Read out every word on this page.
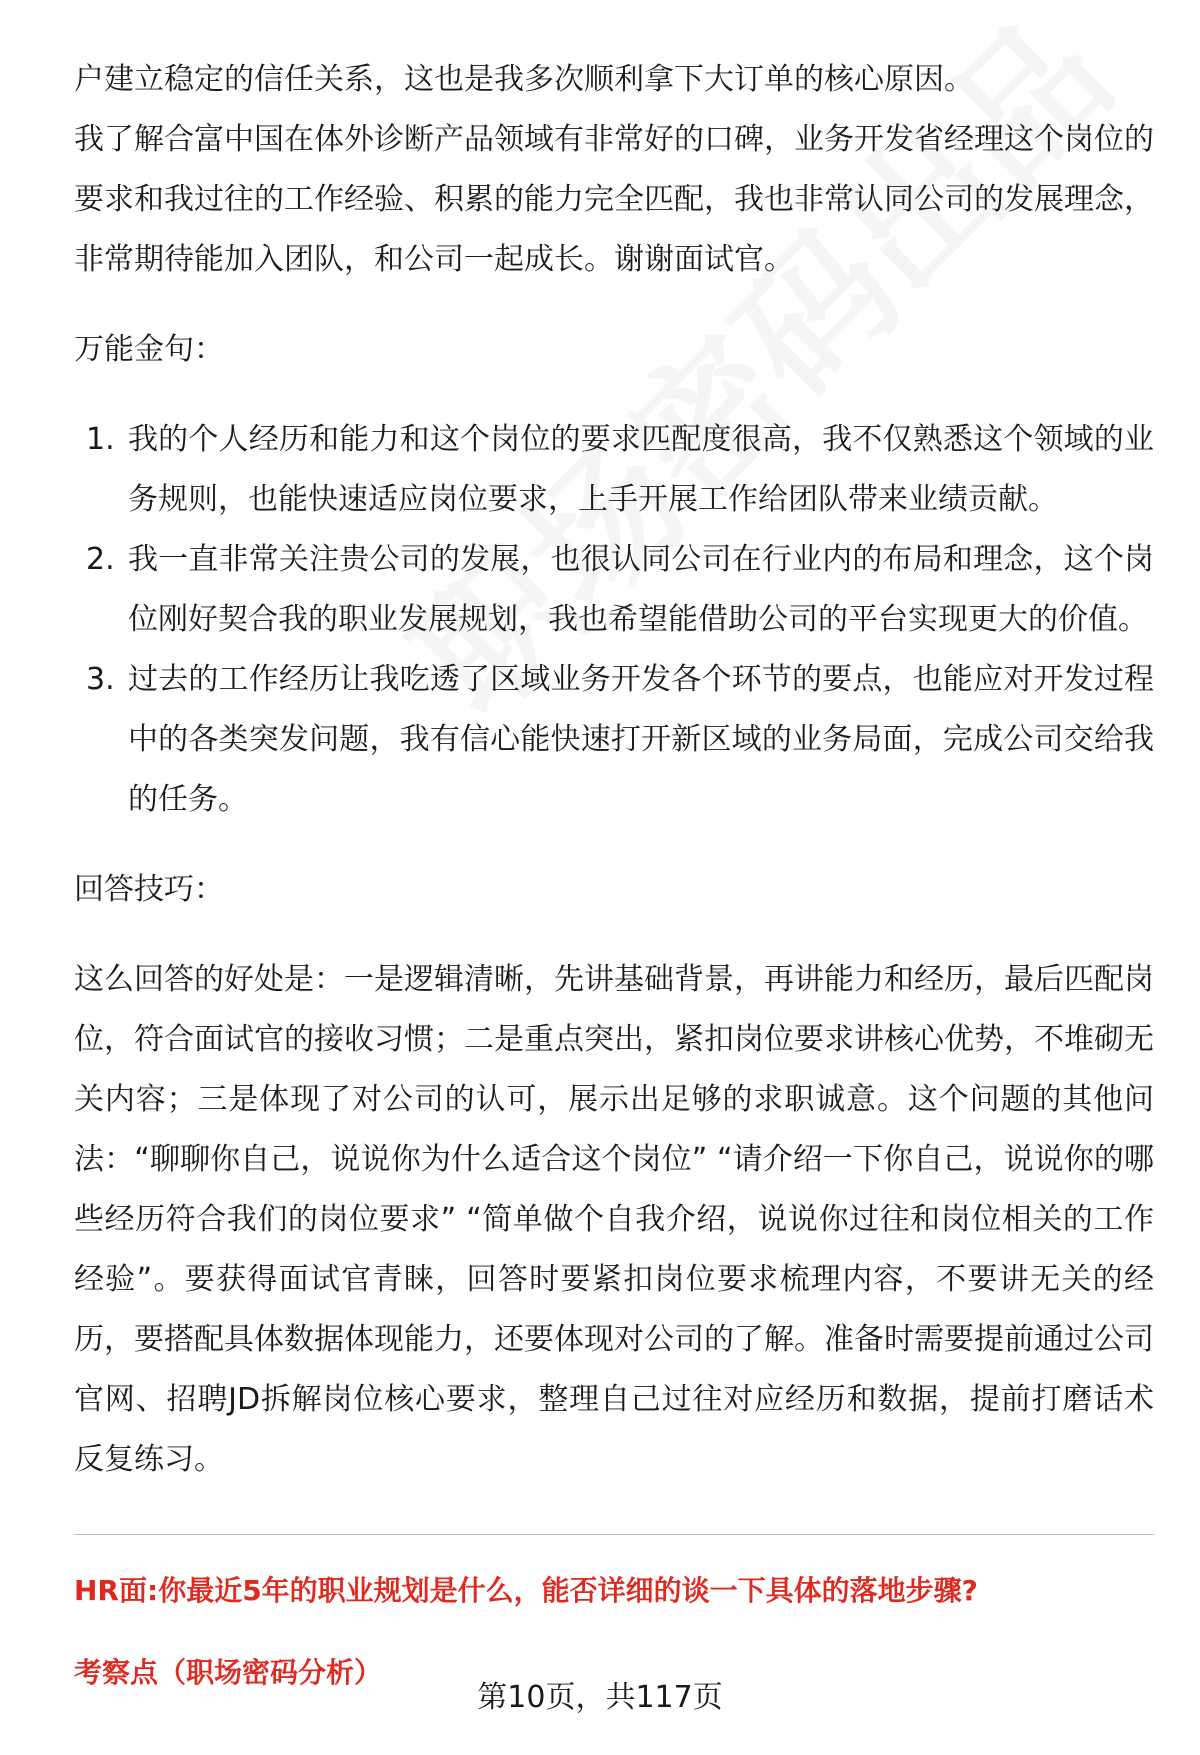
户建立稳定的信任关系，这也是我多次顺利拿下大订单的核心原因。

我了解合富中国在体外诊断产品领域有非常好的口碑，业务开发省经理这个岗位的要求和我过往的工作经验、积累的能力完全匹配，我也非常认同公司的发展理念，非常期待能加入团队，和公司一起成长。谢谢面试官。

万能金句：

1. 我的个人经历和能力和这个岗位的要求匹配度很高，我不仅熟悉这个领域的业务规则，也能快速适应岗位要求，上手开展工作给团队带来业绩贡献。
2. 我一直非常关注贵公司的发展，也很认同公司在行业内的布局和理念，这个岗位刚好契合我的职业发展规划，我也希望能借助公司的平台实现更大的价值。
3. 过去的工作经历让我吃透了区域业务开发各个环节的要点，也能应对开发过程中的各类突发问题，我有信心能快速打开新区域的业务局面，完成公司交给我的任务。

回答技巧：

这么回答的好处是：一是逻辑清晰，先讲基础背景，再讲能力和经历，最后匹配岗位，符合面试官的接收习惯；二是重点突出，紧扣岗位要求讲核心优势，不堆砌无关内容；三是体现了对公司的认可，展示出足够的求职诚意。这个问题的其他问法：“聊聊你自己，说说你为什么适合这个岗位” “请介绍一下你自己，说说你的哪些经历符合我们的岗位要求” “简单做个自我介绍，说说你过往和岗位相关的工作经验”。要获得面试官青睐，回答时要紧扣岗位要求梳理内容，不要讲无关的经历，要搭配具体数据体现能力，还要体现对公司的了解。准备时需要提前通过公司官网、招聘JD拆解岗位核心要求，整理自己过往对应经历和数据，提前打磨话术反复练习。

HR面:你最近5年的职业规划是什么，能否详细的谈一下具体的落地步骤?

考察点（职场密码分析）

第10页，共117页
